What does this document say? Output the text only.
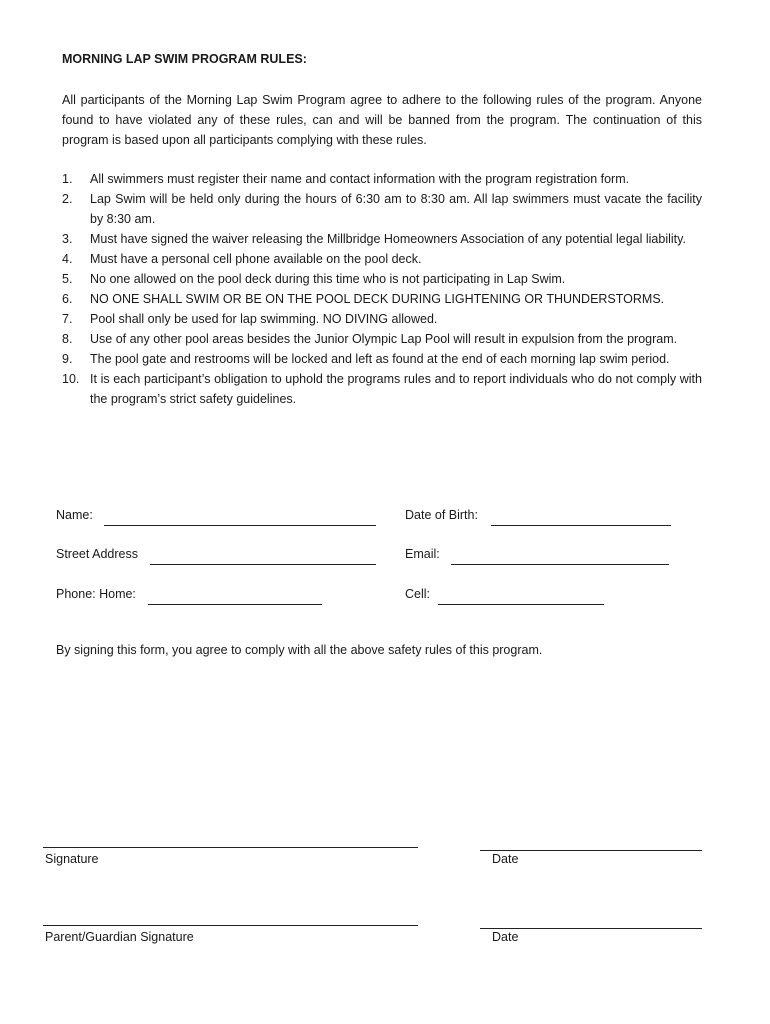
MORNING LAP SWIM PROGRAM RULES:

All participants of the Morning Lap Swim Program agree to adhere to the following rules of the program. Anyone found to have violated any of these rules, can and will be banned from the program. The continuation of this program is based upon all participants complying with these rules.

1.	All swimmers must register their name and contact information with the program registration form.
2.	Lap Swim will be held only during the hours of 6:30 am to 8:30 am. All lap swimmers must vacate the facility by 8:30 am.
3.	Must have signed the waiver releasing the Millbridge Homeowners Association of any potential legal liability.
4.	Must have a personal cell phone available on the pool deck.
5.	No one allowed on the pool deck during this time who is not participating in Lap Swim.
6.	NO ONE SHALL SWIM OR BE ON THE POOL DECK DURING LIGHTENING OR THUNDERSTORMS.
7.	Pool shall only be used for lap swimming. NO DIVING allowed.
8.	Use of any other pool areas besides the Junior Olympic Lap Pool will result in expulsion from the program.
9.	The pool gate and restrooms will be locked and left as found at the end of each morning lap swim period.
10. It is each participant’s obligation to uphold the programs rules and to report individuals who do not comply with the program’s strict safety guidelines.
Name:	Date of Birth:
Street Address	Email:
Phone: Home:	Cell:
By signing this form, you agree to comply with all the above safety rules of this program.
Signature	Date
Parent/Guardian Signature	Date
